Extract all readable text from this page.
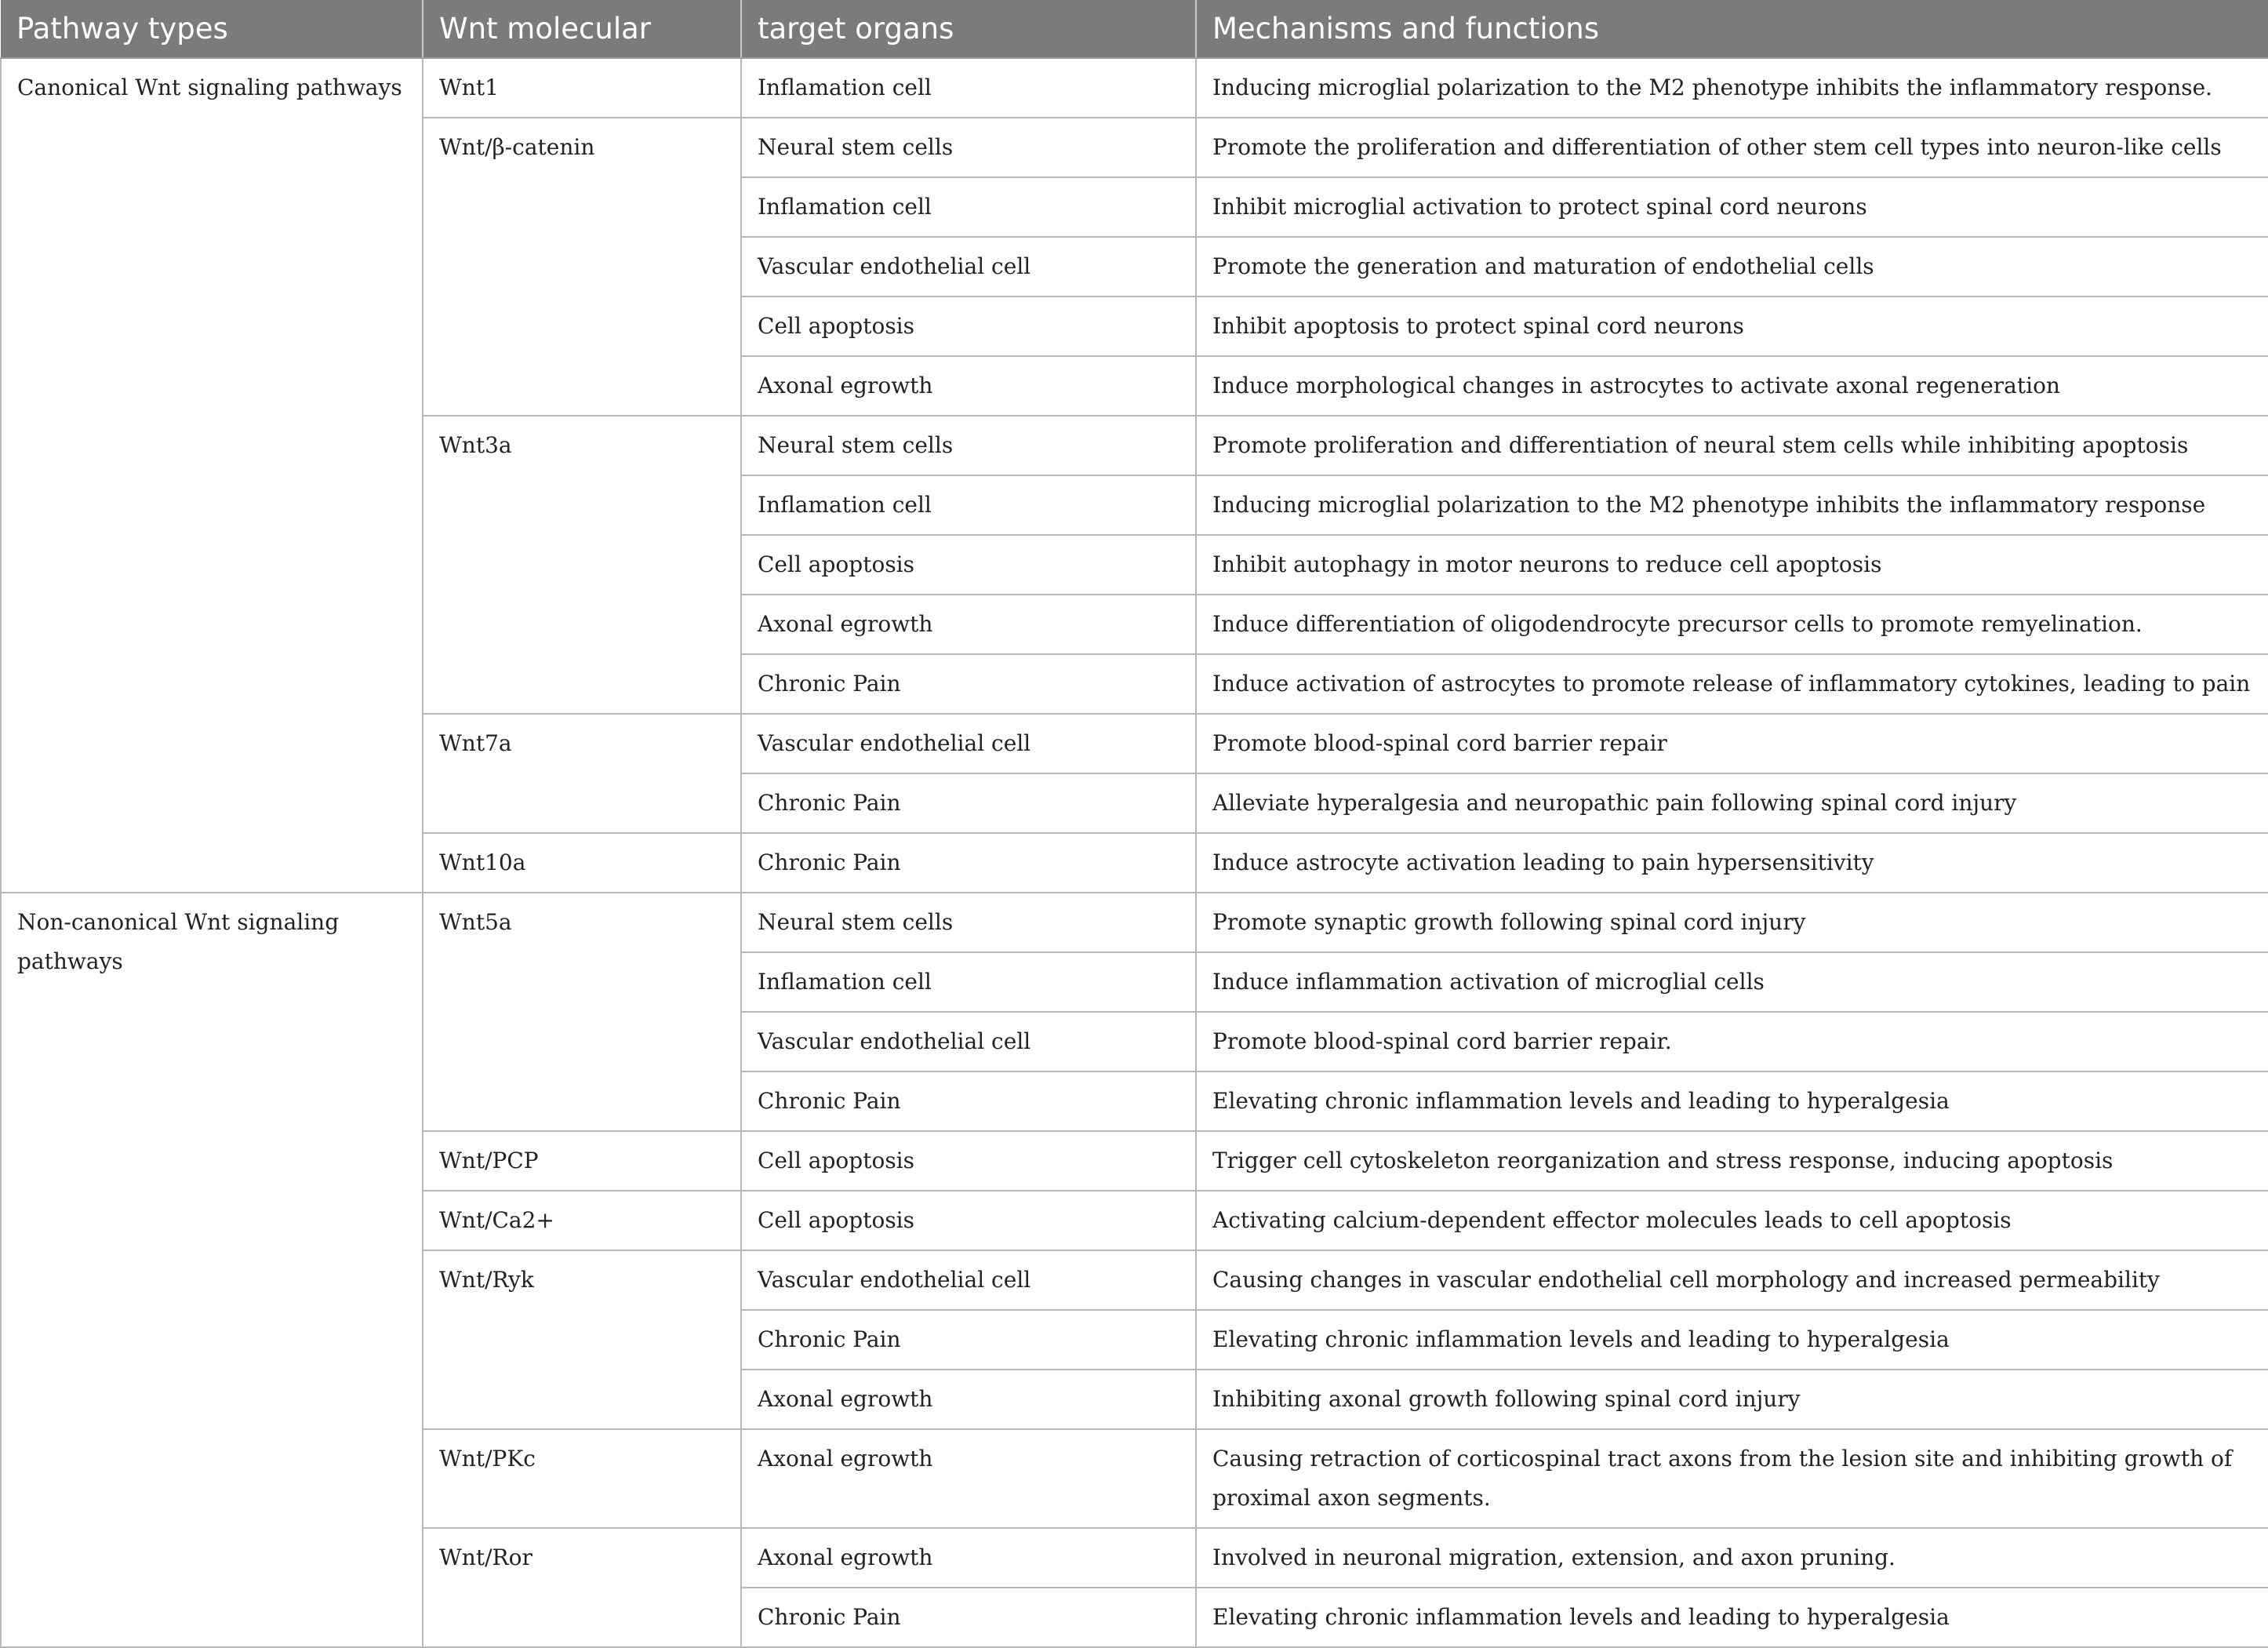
Pathway types	Wnt molecular	target organs	Mechanisms and functions
Canonical Wnt signaling pathways	Wnt1	Inflamation cell	Inducing microglial polarization to the M2 phenotype inhibits the inflammatory response.
	Wnt/β-catenin	Neural stem cells	Promote the proliferation and differentiation of other stem cell types into neuron-like cells
		Inflamation cell	Inhibit microglial activation to protect spinal cord neurons
		Vascular endothelial cell	Promote the generation and maturation of endothelial cells
		Cell apoptosis	Inhibit apoptosis to protect spinal cord neurons
		Axonal egrowth	Induce morphological changes in astrocytes to activate axonal regeneration
	Wnt3a	Neural stem cells	Promote proliferation and differentiation of neural stem cells while inhibiting apoptosis
		Inflamation cell	Inducing microglial polarization to the M2 phenotype inhibits the inflammatory response
		Cell apoptosis	Inhibit autophagy in motor neurons to reduce cell apoptosis
		Axonal egrowth	Induce differentiation of oligodendrocyte precursor cells to promote remyelination.
		Chronic Pain	Induce activation of astrocytes to promote release of inflammatory cytokines, leading to pain
	Wnt7a	Vascular endothelial cell	Promote blood-spinal cord barrier repair
		Chronic Pain	Alleviate hyperalgesia and neuropathic pain following spinal cord injury
	Wnt10a	Chronic Pain	Induce astrocyte activation leading to pain hypersensitivity
Non-canonical Wnt signaling pathways	Wnt5a	Neural stem cells	Promote synaptic growth following spinal cord injury
		Inflamation cell	Induce inflammation activation of microglial cells
		Vascular endothelial cell	Promote blood-spinal cord barrier repair.
		Chronic Pain	Elevating chronic inflammation levels and leading to hyperalgesia
	Wnt/PCP	Cell apoptosis	Trigger cell cytoskeleton reorganization and stress response, inducing apoptosis
	Wnt/Ca2+	Cell apoptosis	Activating calcium-dependent effector molecules leads to cell apoptosis
	Wnt/Ryk	Vascular endothelial cell	Causing changes in vascular endothelial cell morphology and increased permeability
		Chronic Pain	Elevating chronic inflammation levels and leading to hyperalgesia
		Axonal egrowth	Inhibiting axonal growth following spinal cord injury
	Wnt/PKc	Axonal egrowth	Causing retraction of corticospinal tract axons from the lesion site and inhibiting growth of proximal axon segments.
	Wnt/Ror	Axonal egrowth	Involved in neuronal migration, extension, and axon pruning.
		Chronic Pain	Elevating chronic inflammation levels and leading to hyperalgesia
